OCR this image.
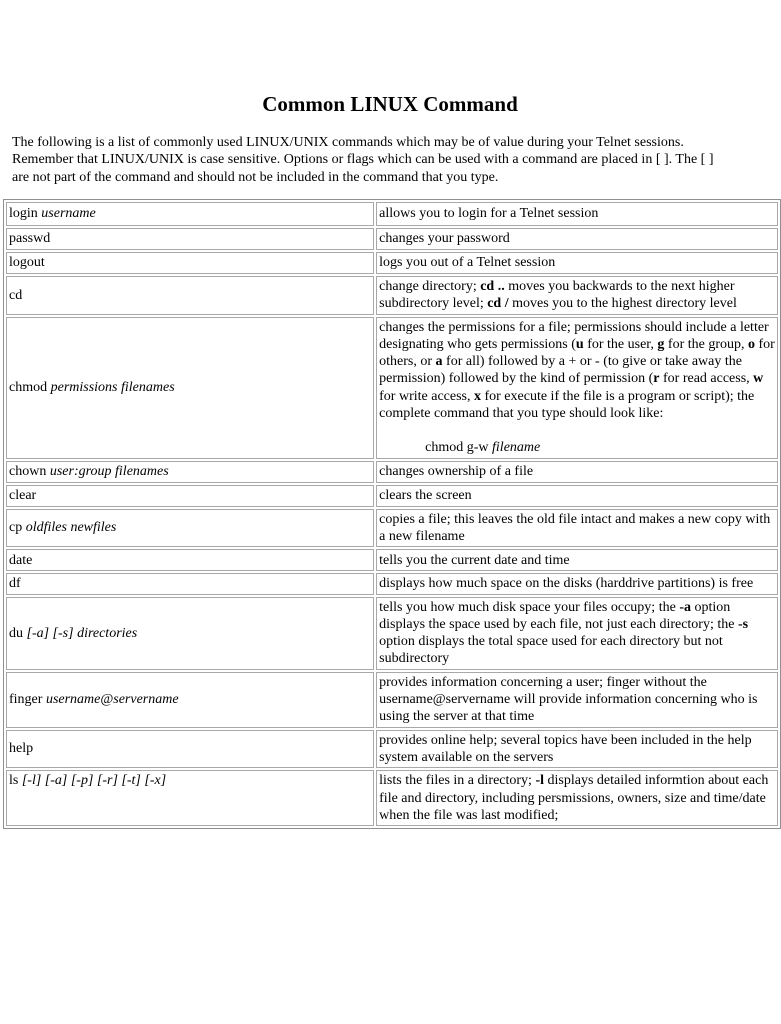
Common LINUX Command
The following is a list of commonly used LINUX/UNIX commands which may be of value during your Telnet sessions.
Remember that LINUX/UNIX is case sensitive. Options or flags which can be used with a command are placed in [ ]. The [ ]
are not part of the command and should not be included in the command that you type.
login username	allows you to login for a Telnet session
passwd	changes your password
logout	logs you out of a Telnet session
cd	change directory; cd .. moves you backwards to the next higher subdirectory level; cd / moves you to the highest directory level
chmod permissions filenames	changes the permissions for a file; permissions should include a letter designating who gets permissions (u for the user, g for the group, o for others, or a for all) followed by a + or - (to give or take away the permission) followed by the kind of permission (r for read access, w for write access, x for execute if the file is a program or script); the complete command that you type should look like:
chmod g-w filename

chown user:group filenames	changes ownership of a file
clear	clears the screen
cp oldfiles newfiles	copies a file; this leaves the old file intact and makes a new copy with a new filename
date	tells you the current date and time
df	displays how much space on the disks (harddrive partitions) is free
du [-a] [-s] directories	tells you how much disk space your files occupy; the -a option displays the space used by each file, not just each directory; the -s option displays the total space used for each directory but not subdirectory
finger username@servername	provides information concerning a user; finger without the username@servername will provide information concerning who is using the server at that time
help	provides online help; several topics have been included in the help system available on the servers
ls [-l] [-a] [-p] [-r] [-t] [-x]	lists the files in a directory; -l displays detailed informtion about each file and directory, including persmissions, owners, size and time/date when the file was last modified;
